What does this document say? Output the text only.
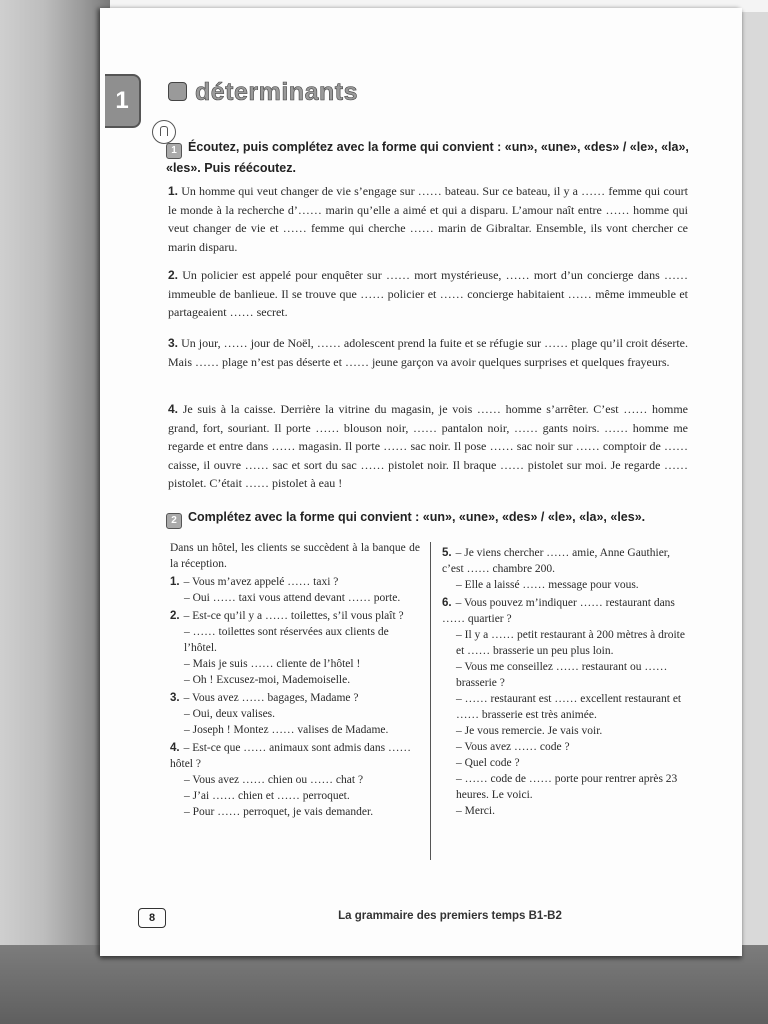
1	déterminants
1 Écoutez, puis complétez avec la forme qui convient : «un», «une», «des» / «le», «la», «les». Puis réécoutez.
1. Un homme qui veut changer de vie s’engage sur …… bateau. Sur ce bateau, il y a …… femme qui court le monde à la recherche d’…… marin qu’elle a aimé et qui a disparu. L’amour naît entre …… homme qui veut changer de vie et …… femme qui cherche …… marin de Gibraltar. Ensemble, ils vont chercher ce marin disparu.
2. Un policier est appelé pour enquêter sur …… mort mystérieuse, …… mort d’un concierge dans …… immeuble de banlieue. Il se trouve que …… policier et …… concierge habitaient …… même immeuble et partageaient …… secret.
3. Un jour, …… jour de Noël, …… adolescent prend la fuite et se réfugie sur …… plage qu’il croit déserte. Mais …… plage n’est pas déserte et …… jeune garçon va avoir quelques surprises et quelques frayeurs.
4. Je suis à la caisse. Derrière la vitrine du magasin, je vois …… homme s’arrêter. C’est …… homme grand, fort, souriant. Il porte …… blouson noir, …… pantalon noir, …… gants noirs. …… homme me regarde et entre dans …… magasin. Il porte …… sac noir. Il pose …… sac noir sur …… comptoir de …… caisse, il ouvre …… sac et sort du sac …… pistolet noir. Il braque …… pistolet sur moi. Je regarde …… pistolet. C’était …… pistolet à eau !
2 Complétez avec la forme qui convient : «un», «une», «des» / «le», «la», «les».
Dans un hôtel, les clients se succèdent à la banque de la réception.
1. – Vous m’avez appelé …… taxi ?
– Oui …… taxi vous attend devant …… porte.
2. – Est-ce qu’il y a …… toilettes, s’il vous plaît ?
– …… toilettes sont réservées aux clients de l’hôtel.
– Mais je suis …… cliente de l’hôtel !
– Oh ! Excusez-moi, Mademoiselle.
3. – Vous avez …… bagages, Madame ?
– Oui, deux valises.
– Joseph ! Montez …… valises de Madame.
4. – Est-ce que …… animaux sont admis dans …… hôtel ?
– Vous avez …… chien ou …… chat ?
– J’ai …… chien et …… perroquet.
– Pour …… perroquet, je vais demander.
5. – Je viens chercher …… amie, Anne Gauthier, c’est …… chambre 200.
– Elle a laissé …… message pour vous.
6. – Vous pouvez m’indiquer …… restaurant dans …… quartier ?
– Il y a …… petit restaurant à 200 mètres à droite et …… brasserie un peu plus loin.
– Vous me conseillez …… restaurant ou …… brasserie ?
– …… restaurant est …… excellent restaurant et …… brasserie est très animée.
– Je vous remercie. Je vais voir.
– Vous avez …… code ?
– Quel code ?
– …… code de …… porte pour rentrer après 23 heures. Le voici.
– Merci.
8	La grammaire des premiers temps B1-B2
